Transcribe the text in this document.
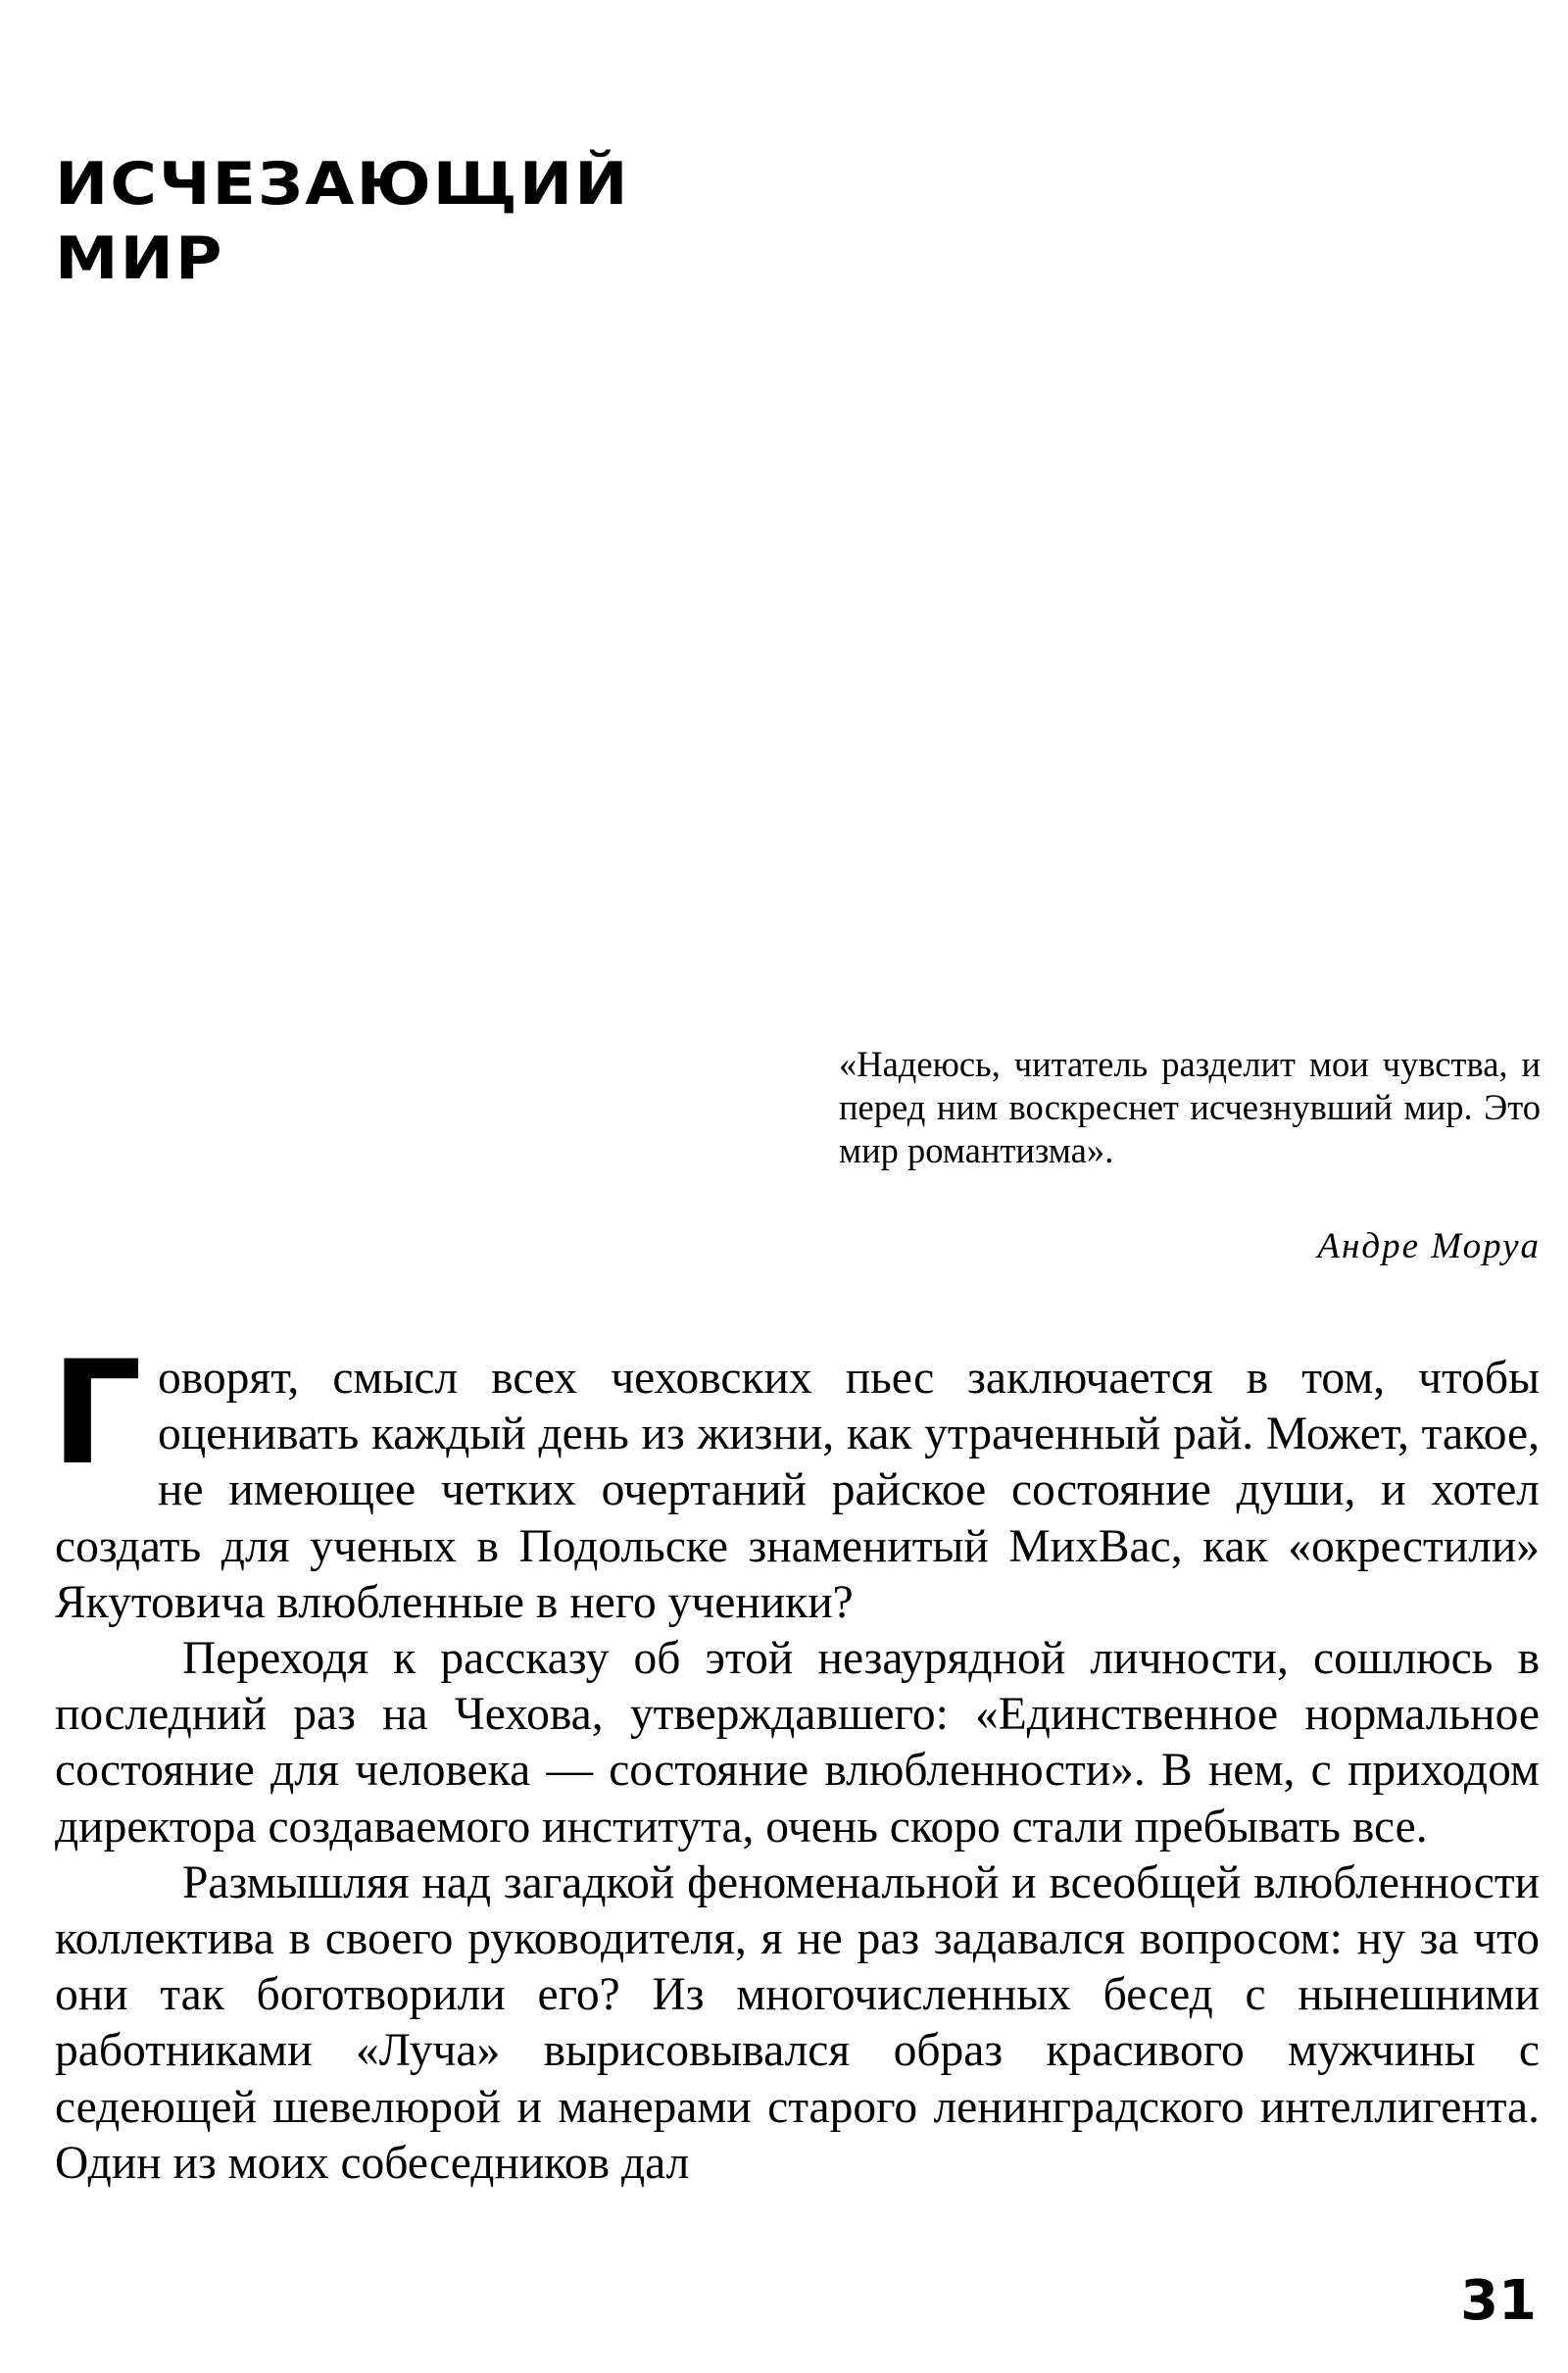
ИСЧЕЗАЮЩИЙ
МИР

«Надеюсь, читатель разделит мои чувства, и перед ним воскреснет исчезнувший мир. Это мир романтизма».

Андре Моруа

Говорят, смысл всех чеховских пьес заключается в том, чтобы оценивать каждый день из жизни, как утраченный рай. Может, такое, не имеющее четких очертаний райское состояние души, и хотел создать для ученых в Подольске знаменитый МихВас, как «окрестили» Якутовича влюбленные в него ученики?

Переходя к рассказу об этой незаурядной личности, сошлюсь в последний раз на Чехова, утверждавшего: «Единственное нормальное состояние для человека — состояние влюбленности». В нем, с приходом директора создаваемого института, очень скоро стали пребывать все.

Размышляя над загадкой феноменальной и всеобщей влюбленности коллектива в своего руководителя, я не раз задавался вопросом: ну за что они так боготворили его? Из многочисленных бесед с нынешними работниками «Луча» вырисовывался образ красивого мужчины с седеющей шевелюрой и манерами старого ленинградского интеллигента. Один из моих собеседников дал

31
